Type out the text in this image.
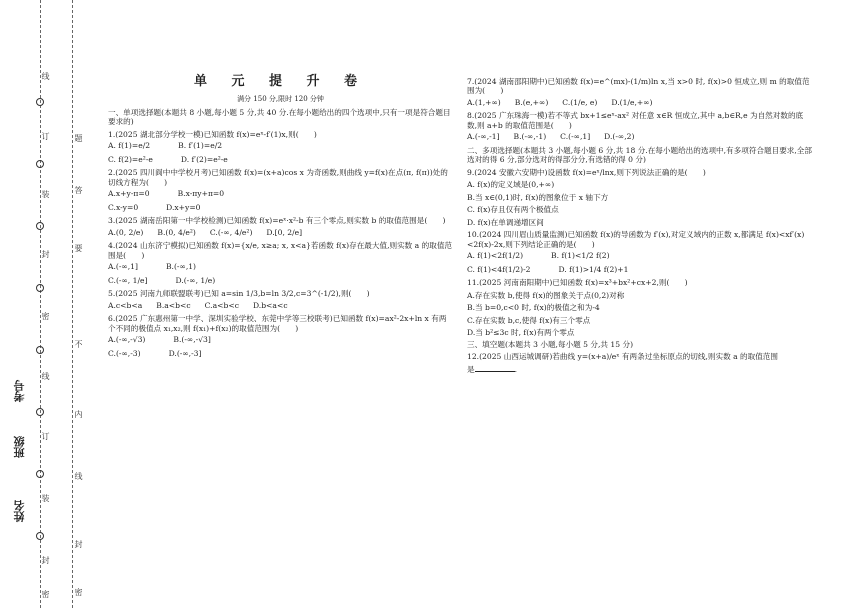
线
订
装
封
密
线
订
装
封
密
题
答
要
不
内
线
封
密
姓名
班级
考号
单 元 提 升 卷
满分 150 分,限时 120 分钟
一、单项选择题(本题共 8 小题,每小题 5 分,共 40 分.在每小题给出的四个选项中,只有一项是符合题目要求的)
1.(2025 湖北部分学校一模)已知函数 f(x)=eˣ-f′(1)x,则(　　)
A. f(1)=e/2	B. f′(1)=e/2
C. f(2)=e²-e	D. f′(2)=e²-e
2.(2025 四川阆中中学校月考)已知函数 f(x)=(x+a)cos x 为奇函数,则曲线 y=f(x)在点(π, f(π))处的切线方程为(　　)
A.x+y-π=0	B.x-πy+π=0
C.x-y=0	D.x+y=0
3.(2025 湖南岳阳第一中学校检测)已知函数 f(x)=eˣ·x²-b 有三个零点,则实数 b 的取值范围是(　　)
A.(0, 2/e) B.(0, 4/e²) C.(-∞, 4/e²) D.[0, 2/e]
4.(2024 山东济宁模拟)已知函数 f(x)={x/e, x≥a; x, x<a}若函数 f(x)存在最大值,则实数 a 的取值范围是(　　)
A.(-∞,1]	B.(-∞,1)
C.(-∞, 1/e]	D.(-∞, 1/e)
5.(2025 河南九师联盟联考)已知 a=sin 1/3,b=ln 3/2,c=3^(-1/2),则(　　)
A.c<b<a B.a<b<c C.a<b<c D.b<a<c
6.(2025 广东惠州第一中学、深圳实验学校、东莞中学等三校联考)已知函数 f(x)=ax²-2x+ln x 有两个不同的极值点 x₁,x₂,则 f(x₁)+f(x₂)的取值范围为(　　)
A.(-∞,-√3)	B.(-∞,-√3]
C.(-∞,-3)	D.(-∞,-3]
7.(2024 湖南邵阳期中)已知函数 f(x)=e^(mx)-(1/m)ln x,当 x>0 时, f(x)>0 恒成立,则 m 的取值范围为(　　)
A.(1,+∞) B.(e,+∞) C.(1/e, e) D.(1/e,+∞)
8.(2025 广东珠海一模)若不等式 bx+1≤eˣ-ax² 对任意 x∈R 恒成立,其中 a,b∈R,e 为自然对数的底数,则 a+b 的取值范围是(　　)
A.(-∞,-1] B.(-∞,-1) C.(-∞,1] D.(-∞,2)
二、多项选择题(本题共 3 小题,每小题 6 分,共 18 分.在每小题给出的选项中,有多项符合题目要求,全部选对的得 6 分,部分选对的得部分分,有选错的得 0 分)
9.(2024 安徽六安期中)设函数 f(x)=eˣ/lnx,则下列说法正确的是(　　)
A. f(x)的定义域是(0,+∞)
B.当 x∈(0,1)时, f(x)的图象位于 x 轴下方
C. f(x)存且仅有两个极值点
D. f(x)在单调递增区间
10.(2024 四川眉山质量监测)已知函数 f(x)的导函数为 f′(x),对定义域内的正数 x,都满足 f(x)<xf′(x)<2f(x)-2x,则下列结论正确的是(　　)
A. f(1)<2f(1/2)	B. f(1)<1/2 f(2)
C. f(1)<4f(1/2)-2	D. f(1)>1/4 f(2)+1
11.(2025 河南南阳期中)已知函数 f(x)=x³+bx²+cx+2,则(　　)
A.存在实数 b,使得 f(x)的图象关于点(0,2)对称
B.当 b=0,c<0 时, f(x)的极值之和为-4
C.存在实数 b,c,使得 f(x)有三个零点
D.当 b²≤3c 时, f(x)有两个零点
三、填空题(本题共 3 小题,每小题 5 分,共 15 分)
12.(2025 山西运城调研)若曲线 y=(x+a)/eˣ 有两条过坐标原点的切线,则实数 a 的取值范围
是	.
